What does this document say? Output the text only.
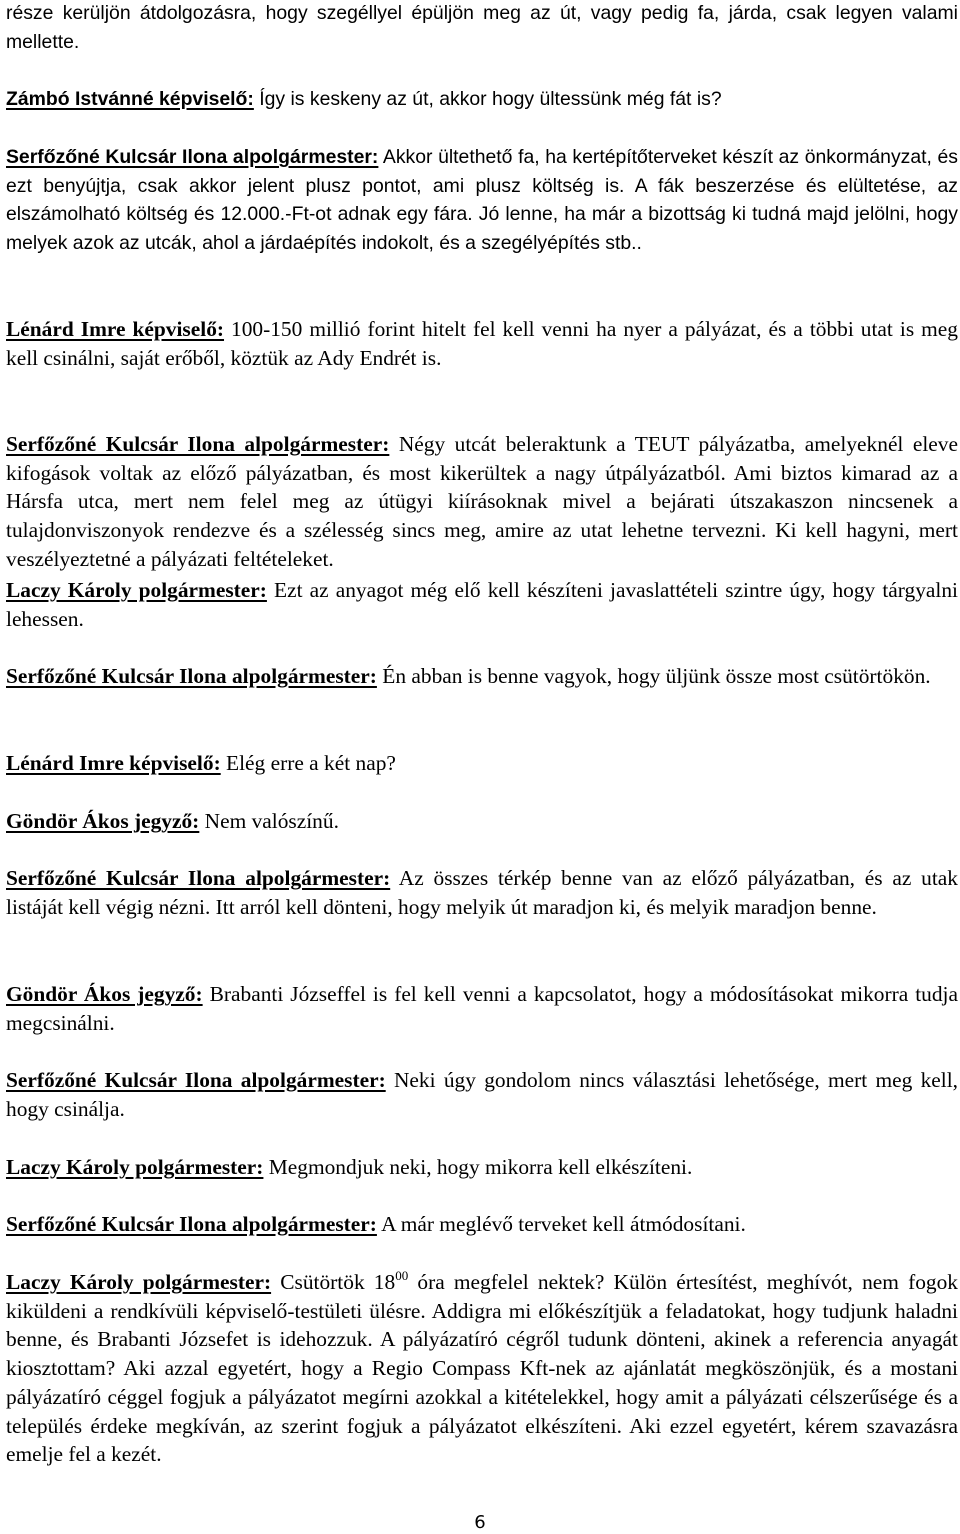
része kerüljön átdolgozásra, hogy szegéllyel épüljön meg az út, vagy pedig fa, járda, csak legyen valami mellette.

Zámbó Istvánné képviselő: Így is keskeny az út, akkor hogy ültessünk még fát is?

Serfőzőné Kulcsár Ilona alpolgármester: Akkor ültethető fa, ha kertépítőterveket készít az önkormányzat, és ezt benyújtja, csak akkor jelent plusz pontot, ami plusz költség is. A fák beszerzése és elültetése, az elszámolható költség és 12.000.-Ft-ot adnak egy fára. Jó lenne, ha már a bizottság ki tudná majd jelölni, hogy melyek azok az utcák, ahol a járdaépítés indokolt, és a szegélyépítés stb..

Lénárd Imre képviselő: 100-150 millió forint hitelt fel kell venni ha nyer a pályázat, és a többi utat is meg kell csinálni, saját erőből, köztük az Ady Endrét is.

Serfőzőné Kulcsár Ilona alpolgármester: Négy utcát beleraktunk a TEUT pályázatba, amelyeknél eleve kifogások voltak az előző pályázatban, és most kikerültek a nagy útpályázatból. Ami biztos kimarad az a Hársfa utca, mert nem felel meg az útügyi kiírásoknak mivel a bejárati útszakaszon nincsenek a tulajdonviszonyok rendezve és a szélesség sincs meg, amire az utat lehetne tervezni. Ki kell hagyni, mert veszélyeztetné a pályázati feltételeket.

Laczy Károly polgármester: Ezt az anyagot még elő kell készíteni javaslattételi szintre úgy, hogy tárgyalni lehessen.

Serfőzőné Kulcsár Ilona alpolgármester: Én abban is benne vagyok, hogy üljünk össze most csütörtökön.

Lénárd Imre képviselő: Elég erre a két nap?

Göndör Ákos jegyző: Nem valószínű.

Serfőzőné Kulcsár Ilona alpolgármester: Az összes térkép benne van az előző pályázatban, és az utak listáját kell végig nézni. Itt arról kell dönteni, hogy melyik út maradjon ki, és melyik maradjon benne.

Göndör Ákos jegyző: Brabanti Józseffel is fel kell venni a kapcsolatot, hogy a módosításokat mikorra tudja megcsinálni.

Serfőzőné Kulcsár Ilona alpolgármester: Neki úgy gondolom nincs választási lehetősége, mert meg kell, hogy csinálja.

Laczy Károly polgármester: Megmondjuk neki, hogy mikorra kell elkészíteni.

Serfőzőné Kulcsár Ilona alpolgármester: A már meglévő terveket kell átmódosítani.

Laczy Károly polgármester: Csütörtök $18^{00}$ óra megfelel nektek? Külön értesítést, meghívót, nem fogok kiküldeni a rendkívüli képviselő-testületi ülésre. Addigra mi előkészítjük a feladatokat, hogy tudjunk haladni benne, és Brabanti Józsefet is idehozzuk. A pályázatíró cégről tudunk dönteni, akinek a referencia anyagát kiosztottam? Aki azzal egyetért, hogy a Regio Compass Kft-nek az ajánlatát megköszönjük, és a mostani pályázatíró céggel fogjuk a pályázatot megírni azokkal a kitételekkel, hogy amit a pályázati célszerűsége és a település érdeke megkíván, az szerint fogjuk a pályázatot elkészíteni. Aki ezzel egyetért, kérem szavazásra emelje fel a kezét.

6
